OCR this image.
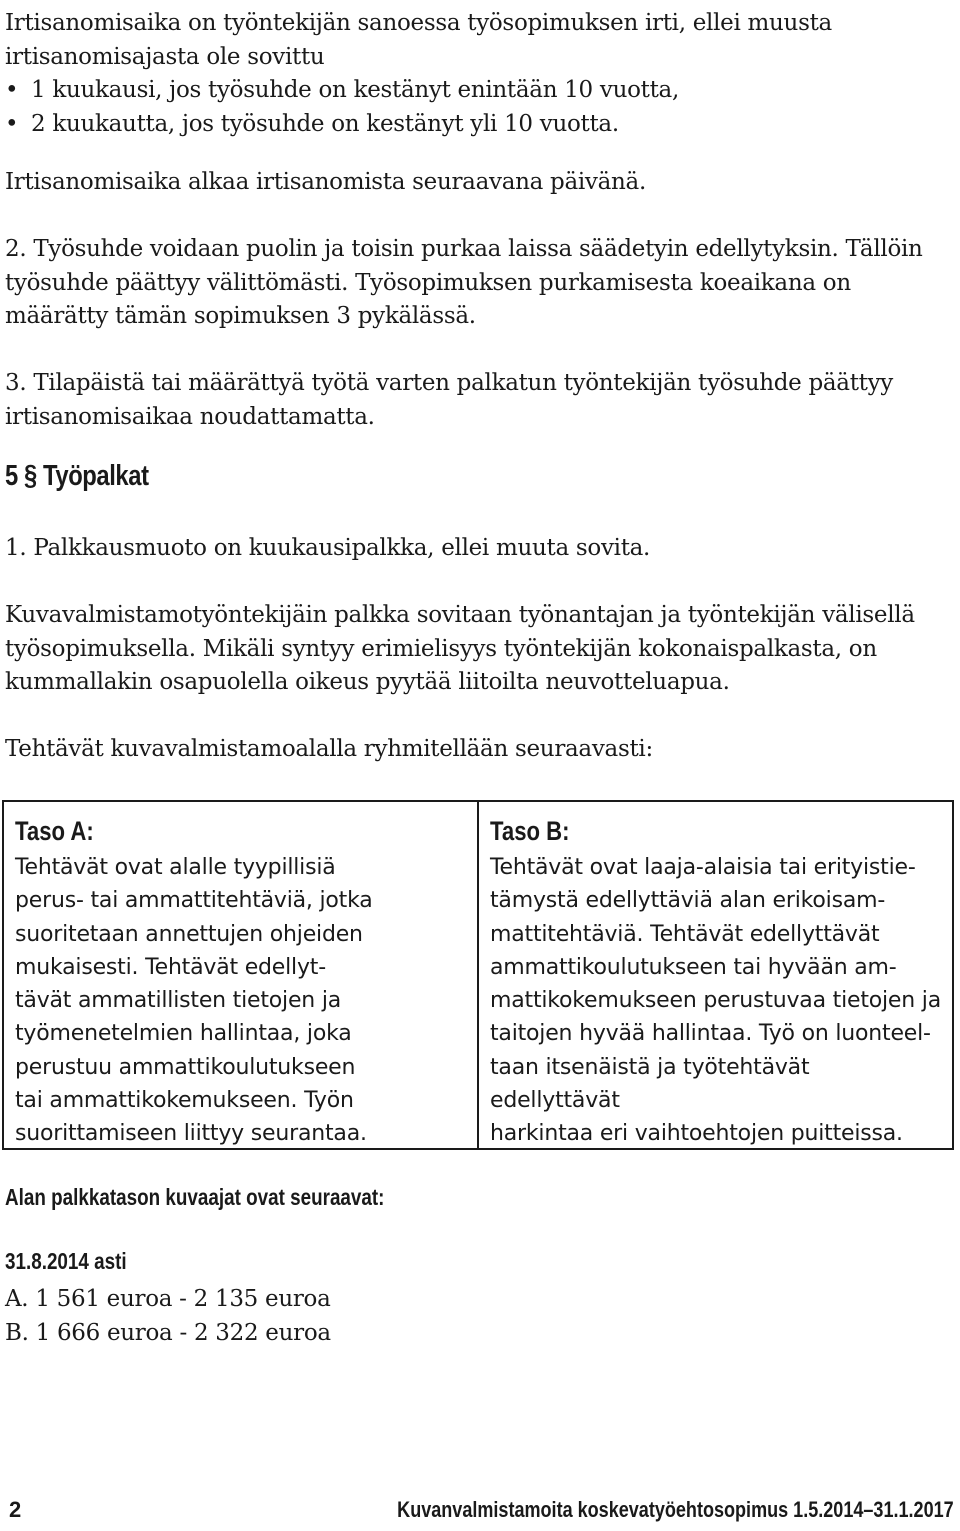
Irtisanomisaika on työntekijän sanoessa työsopimuksen irti, ellei muusta irtisanomisajasta ole sovittu

• 1 kuukausi, jos työsuhde on kestänyt enintään 10 vuotta,

• 2 kuukautta, jos työsuhde on kestänyt yli 10 vuotta.

Irtisanomisaika alkaa irtisanomista seuraavana päivänä.

2. Työsuhde voidaan puolin ja toisin purkaa laissa säädetyin edellytyksin. Tällöin työsuhde päättyy välittömästi. Työsopimuksen purkamisesta koeaikana on määrätty tämän sopimuksen 3 pykälässä.

3. Tilapäistä tai määrättyä työtä varten palkatun työntekijän työsuhde päättyy irtisanomisaikaa noudattamatta.

5 § Työpalkat

1. Palkkausmuoto on kuukausipalkka, ellei muuta sovita.

Kuvavalmistamotyöntekijäin palkka sovitaan työnantajan ja työntekijän välisellä työsopimuksella. Mikäli syntyy erimielisyys työntekijän kokonaispalkasta, on kummallakin osapuolella oikeus pyytää liitoilta neuvotteluapua.

Tehtävät kuvavalmistamoalalla ryhmitellään seuraavasti:

Taso A:
Tehtävät ovat alalle tyypillisiä
perus- tai ammattitehtäviä, jotka
suoritetaan annettujen ohjeiden
mukaisesti. Tehtävät edellyt-
tävät ammatillisten tietojen ja
työmenetelmien hallintaa, joka
perustuu ammattikoulutukseen
tai ammattikokemukseen. Työn
suorittamiseen liittyy seurantaa.
Taso B:
Tehtävät ovat laaja-alaisia tai erityistie-
tämystä edellyttäviä alan erikoisam-
mattitehtäviä. Tehtävät edellyttävät
ammattikoulutukseen tai hyvään am-
mattikokemukseen perustuvaa tietojen ja
taitojen hyvää hallintaa. Työ on luonteel-
taan itsenäistä ja työtehtävät edellyttävät
harkintaa eri vaihtoehtojen puitteissa.
Alan palkkatason kuvaajat ovat seuraavat:
31.8.2014 asti

A. 1 561 euroa - 2 135 euroa

B. 1 666 euroa - 2 322 euroa

2	Kuvanvalmistamoita koskevatyöehtosopimus 1.5.2014–31.1.2017
